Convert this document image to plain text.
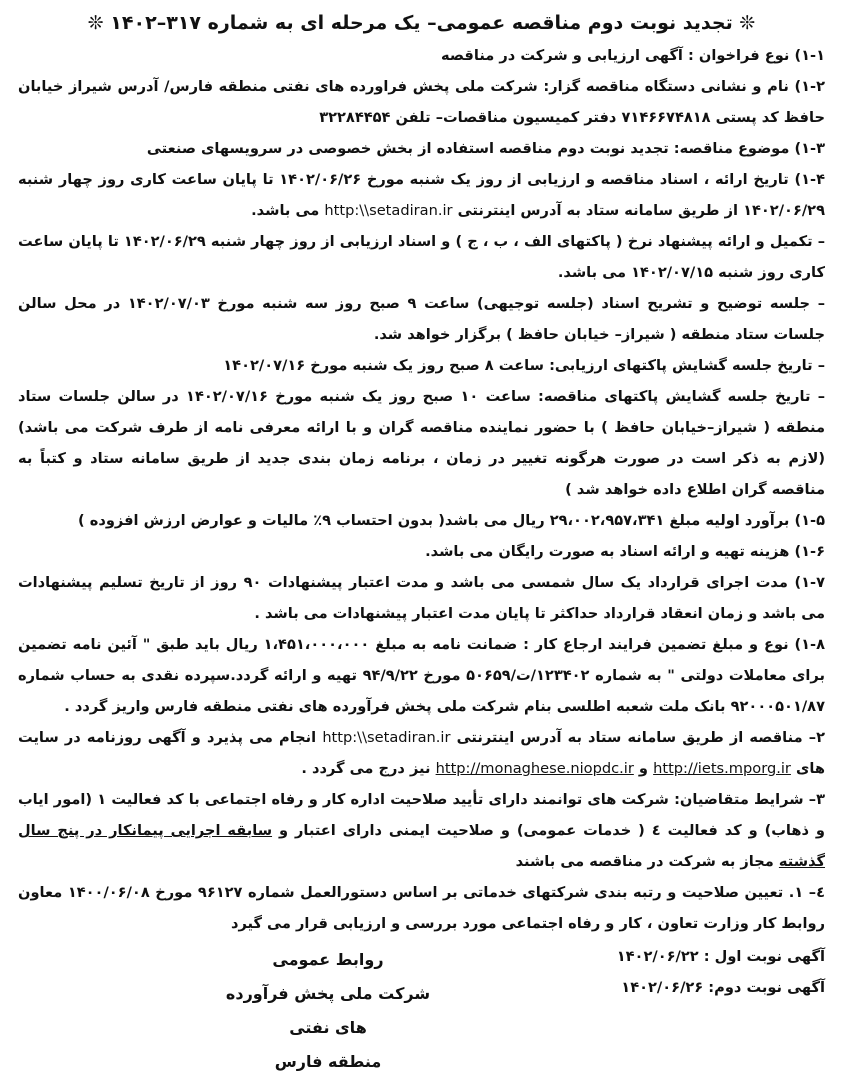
❊ تجدید نوبت دوم مناقصه عمومی– یک مرحله ای به شماره ۳۱۷–۱۴۰۲ ❊

۱-۱) نوع فراخوان : آگهی ارزیابی و شرکت در مناقصه

۱-۲) نام و نشانی دستگاه مناقصه گزار: شرکت ملی پخش فراورده های نفتی منطقه فارس/ آدرس شیراز خیابان حافظ کد پستی ۷۱۴۶۶۷۴۸۱۸ دفتر کمیسیون مناقصات– تلفن ۳۲۲۸۴۴۵۴

۱-۳) موضوع مناقصه: تجدید نوبت دوم مناقصه استفاده از بخش خصوصی در سرویسهای صنعتی

۱-۴) تاریخ ارائه ، اسناد مناقصه و ارزیابی از روز یک شنبه مورخ ۱۴۰۲/۰۶/۲۶ تا پایان ساعت کاری روز چهار شنبه ۱۴۰۲/۰۶/۲۹ از طریق سامانه ستاد به آدرس اینترنتی http:\\setadiran.ir می باشد.

– تکمیل و ارائه پیشنهاد نرخ ( پاکتهای الف ، ب ، ج ) و اسناد ارزیابی از روز چهار شنبه ۱۴۰۲/۰۶/۲۹ تا پایان ساعت کاری روز شنبه ۱۴۰۲/۰۷/۱۵ می باشد.

– جلسه توضیح و تشریح اسناد (جلسه توجیهی) ساعت ۹ صبح روز سه شنبه مورخ ۱۴۰۲/۰۷/۰۳ در محل سالن جلسات ستاد منطقه ( شیراز– خیابان حافظ ) برگزار خواهد شد.

– تاریخ جلسه گشایش پاکتهای ارزیابی: ساعت ۸ صبح روز یک شنبه مورخ ۱۴۰۲/۰۷/۱۶

– تاریخ جلسه گشایش پاکتهای مناقصه: ساعت ۱۰ صبح روز یک شنبه مورخ ۱۴۰۲/۰۷/۱۶ در سالن جلسات ستاد منطقه ( شیراز–خیابان حافظ ) با حضور نماینده مناقصه گران و با ارائه معرفی نامه از طرف شرکت می باشد) (لازم به ذکر است در صورت هرگونه تغییر در زمان ، برنامه زمان بندی جدید از طریق سامانه ستاد و کتباً به مناقصه گران اطلاع داده خواهد شد )

۱-۵) برآورد اولیه مبلغ ۲۹،۰۰۲،۹۵۷،۳۴۱ ریال می باشد( بدون احتساب ۹٪ مالیات و عوارض ارزش افزوده )

۱-۶) هزینه تهیه و ارائه اسناد به صورت رایگان می باشد.

۱-۷) مدت اجرای قرارداد یک سال شمسی می باشد و مدت اعتبار پیشنهادات ۹۰ روز از تاریخ تسلیم پیشنهادات می باشد و زمان انعقاد قرارداد حداکثر تا پایان مدت اعتبار پیشنهادات می باشد .

۱-۸) نوع و مبلغ تضمین فرایند ارجاع کار : ضمانت نامه به مبلغ ۱،۴۵۱،۰۰۰،۰۰۰ ریال باید طبق " آئین نامه تضمین برای معاملات دولتی " به شماره ۱۲۳۴۰۲/ت/۵۰۶۵۹ مورخ ۹۴/۹/۲۲ تهیه و ارائه گردد.سپرده نقدی به حساب شماره ۹۲۰۰۰۵۰۱/۸۷ بانک ملت شعبه اطلسی بنام شرکت ملی پخش فرآورده های نفتی منطقه فارس واریز گردد .

۲– مناقصه از طریق سامانه ستاد به آدرس اینترنتی http:\\setadiran.ir انجام می پذیرد و آگهی روزنامه در سایت های http://iets.mporg.ir و http://monaghese.niopdc.ir نیز درج می گردد .

۳– شرایط متقاضیان: شرکت های توانمند دارای تأیید صلاحیت اداره کار و رفاه اجتماعی با کد فعالیت ۱ (امور ایاب و ذهاب) و کد فعالیت ٤ ( خدمات عمومی) و صلاحیت ایمنی دارای اعتبار و سابقه اجرایی پیمانکار در پنج سال گذشته مجاز به شرکت در مناقصه می باشند

٤– ۱. تعیین صلاحیت و رتبه بندی شرکتهای خدماتی بر اساس دستورالعمل شماره ۹۶۱۲۷ مورخ ۱۴۰۰/۰۶/۰۸ معاون روابط کار وزارت تعاون ، کار و رفاه اجتماعی مورد بررسی و ارزیابی قرار می گیرد

آگهی نوبت اول : ۱۴۰۲/۰۶/۲۲
آگهی نوبت دوم: ۱۴۰۲/۰۶/۲۶
روابط عمومی
شرکت ملی پخش فرآورده های نفتی
منطقه فارس
